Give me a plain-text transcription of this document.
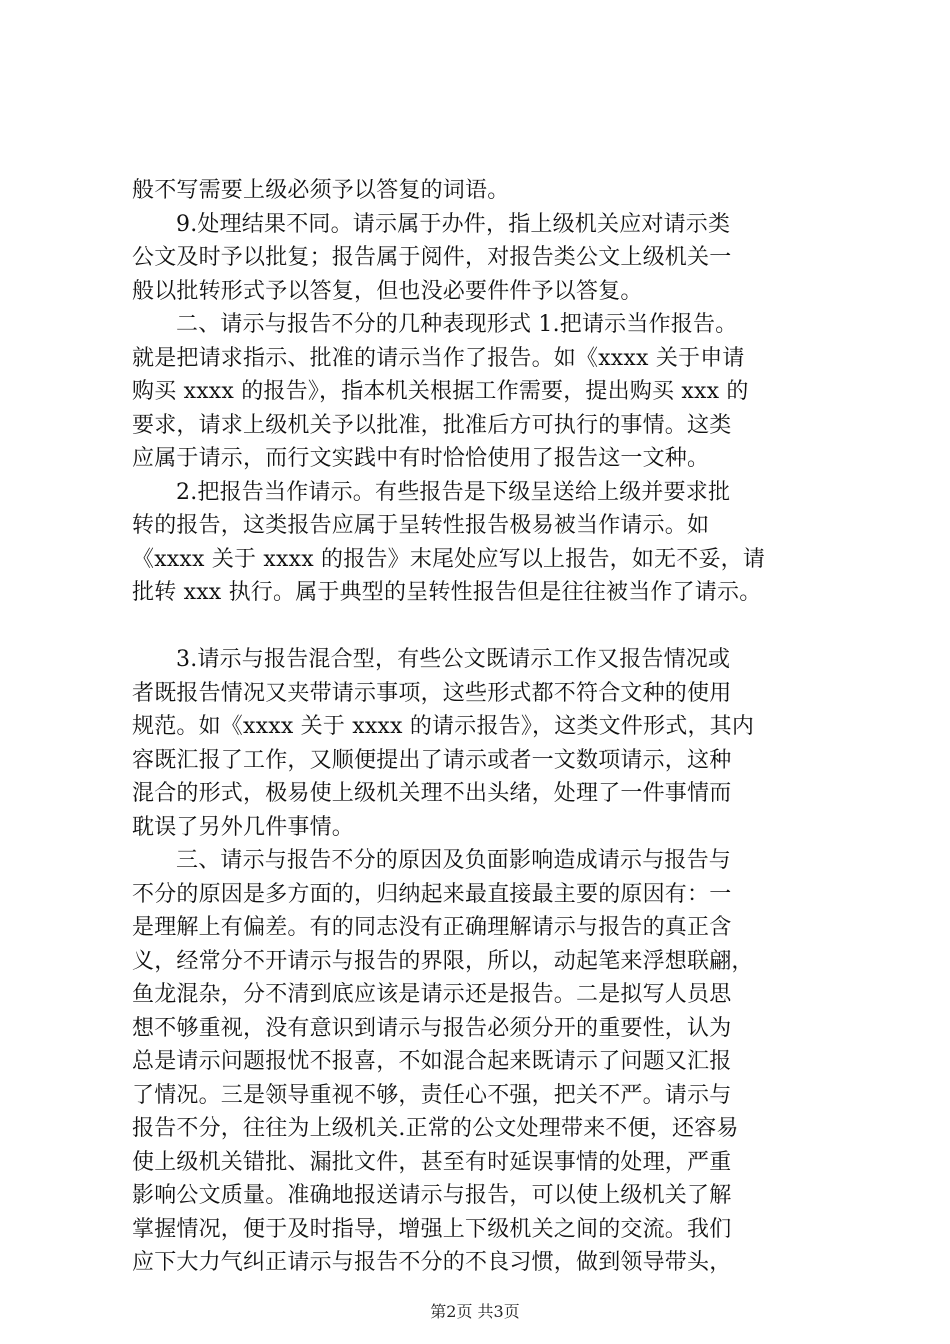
般不写需要上级必须予以答复的词语。
9.处理结果不同。请示属于办件，指上级机关应对请示类
公文及时予以批复；报告属于阅件，对报告类公文上级机关一
般以批转形式予以答复，但也没必要件件予以答复。
二、请示与报告不分的几种表现形式 1.把请示当作报告。
就是把请求指示、批准的请示当作了报告。如《xxxx 关于申请
购买 xxxx 的报告》，指本机关根据工作需要，提出购买 xxx 的
要求，请求上级机关予以批准，批准后方可执行的事情。这类
应属于请示，而行文实践中有时恰恰使用了报告这一文种。
2.把报告当作请示。有些报告是下级呈送给上级并要求批
转的报告，这类报告应属于呈转性报告极易被当作请示。如
《xxxx 关于 xxxx 的报告》末尾处应写以上报告，如无不妥，请
批转 xxx 执行。属于典型的呈转性报告但是往往被当作了请示。
3.请示与报告混合型，有些公文既请示工作又报告情况或
者既报告情况又夹带请示事项，这些形式都不符合文种的使用
规范。如《xxxx 关于 xxxx 的请示报告》，这类文件形式，其内
容既汇报了工作，又顺便提出了请示或者一文数项请示，这种
混合的形式，极易使上级机关理不出头绪，处理了一件事情而
耽误了另外几件事情。
三、请示与报告不分的原因及负面影响造成请示与报告与
不分的原因是多方面的，归纳起来最直接最主要的原因有：一
是理解上有偏差。有的同志没有正确理解请示与报告的真正含
义，经常分不开请示与报告的界限，所以，动起笔来浮想联翩，
鱼龙混杂，分不清到底应该是请示还是报告。二是拟写人员思
想不够重视，没有意识到请示与报告必须分开的重要性，认为
总是请示问题报忧不报喜，不如混合起来既请示了问题又汇报
了情况。三是领导重视不够，责任心不强，把关不严。请示与
报告不分，往往为上级机关.正常的公文处理带来不便，还容易
使上级机关错批、漏批文件，甚至有时延误事情的处理，严重
影响公文质量。准确地报送请示与报告，可以使上级机关了解
掌握情况，便于及时指导，增强上下级机关之间的交流。我们
应下大力气纠正请示与报告不分的不良习惯，做到领导带头，
第2页 共3页
